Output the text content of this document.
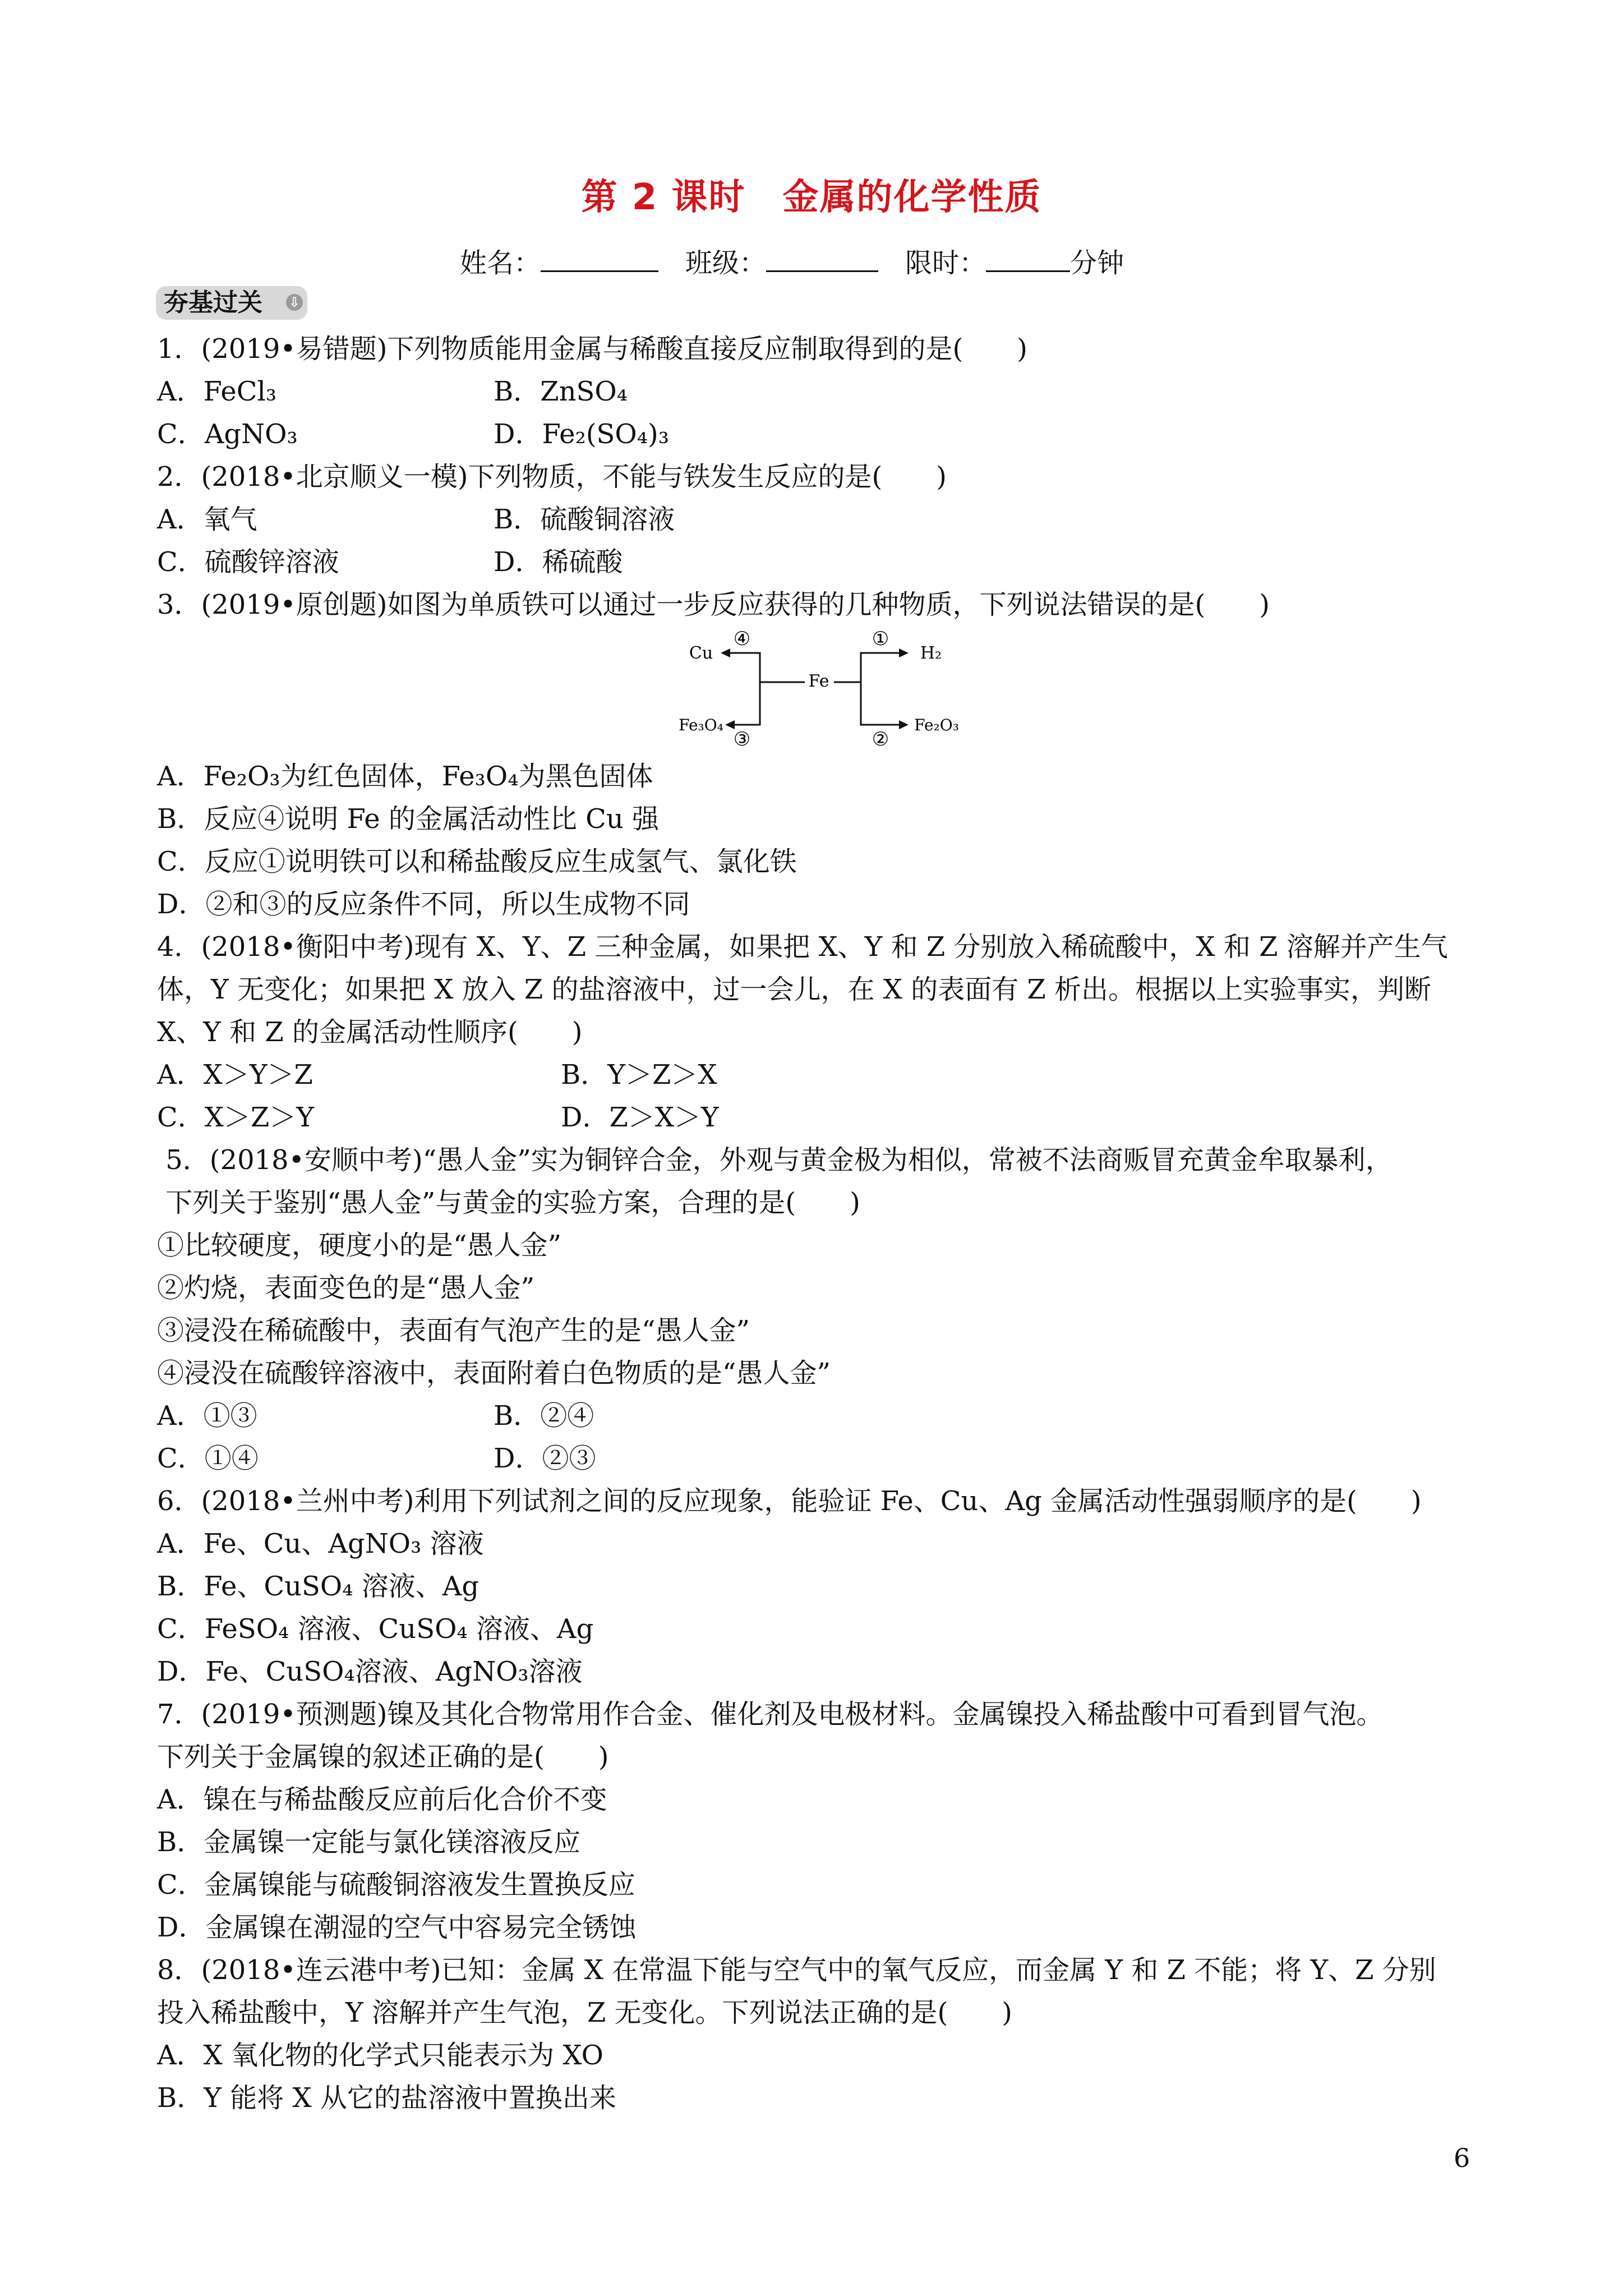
第 2 课时　金属的化学性质
姓名：　	班级：　	限时：	分钟
夯基过关 ⇩
1．(2019•易错题)下列物质能用金属与稀酸直接反应制取得到的是(　　)
A．FeCl₃	B．ZnSO₄
C．AgNO₃	D．Fe₂(SO₄)₃
2．(2018•北京顺义一模)下列物质，不能与铁发生反应的是(　　)
A．氧气	B．硫酸铜溶液
C．硫酸锌溶液	D．稀硫酸
3．(2019•原创题)如图为单质铁可以通过一步反应获得的几种物质，下列说法错误的是(　　)
Fe
Cu	H₂
Fe₃O₄	Fe₂O₃
④	①
③	②
A．Fe₂O₃为红色固体，Fe₃O₄为黑色固体
B．反应④说明 Fe 的金属活动性比 Cu 强
C．反应①说明铁可以和稀盐酸反应生成氢气、氯化铁
D．②和③的反应条件不同，所以生成物不同
4．(2018•衡阳中考)现有 X、Y、Z 三种金属，如果把 X、Y 和 Z 分别放入稀硫酸中，X 和 Z 溶解并产生气
体，Y 无变化；如果把 X 放入 Z 的盐溶液中，过一会儿，在 X 的表面有 Z 析出。根据以上实验事实，判断
X、Y 和 Z 的金属活动性顺序(　　)
A．X＞Y＞Z	B．Y＞Z＞X
C．X＞Z＞Y	D．Z＞X＞Y
5．(2018•安顺中考)“愚人金”实为铜锌合金，外观与黄金极为相似，常被不法商贩冒充黄金牟取暴利，
下列关于鉴别“愚人金”与黄金的实验方案，合理的是(　　)
①比较硬度，硬度小的是“愚人金”
②灼烧，表面变色的是“愚人金”
③浸没在稀硫酸中，表面有气泡产生的是“愚人金”
④浸没在硫酸锌溶液中，表面附着白色物质的是“愚人金”
A．①③	B．②④
C．①④	D．②③
6．(2018•兰州中考)利用下列试剂之间的反应现象，能验证 Fe、Cu、Ag 金属活动性强弱顺序的是(　　)
A．Fe、Cu、AgNO₃ 溶液
B．Fe、CuSO₄ 溶液、Ag
C．FeSO₄ 溶液、CuSO₄ 溶液、Ag
D．Fe、CuSO₄溶液、AgNO₃溶液
7．(2019•预测题)镍及其化合物常用作合金、催化剂及电极材料。金属镍投入稀盐酸中可看到冒气泡。
下列关于金属镍的叙述正确的是(　　)
A．镍在与稀盐酸反应前后化合价不变
B．金属镍一定能与氯化镁溶液反应
C．金属镍能与硫酸铜溶液发生置换反应
D．金属镍在潮湿的空气中容易完全锈蚀
8．(2018•连云港中考)已知：金属 X 在常温下能与空气中的氧气反应，而金属 Y 和 Z 不能；将 Y、Z 分别
投入稀盐酸中，Y 溶解并产生气泡，Z 无变化。下列说法正确的是(　　)
A．X 氧化物的化学式只能表示为 XO
B．Y 能将 X 从它的盐溶液中置换出来
6
